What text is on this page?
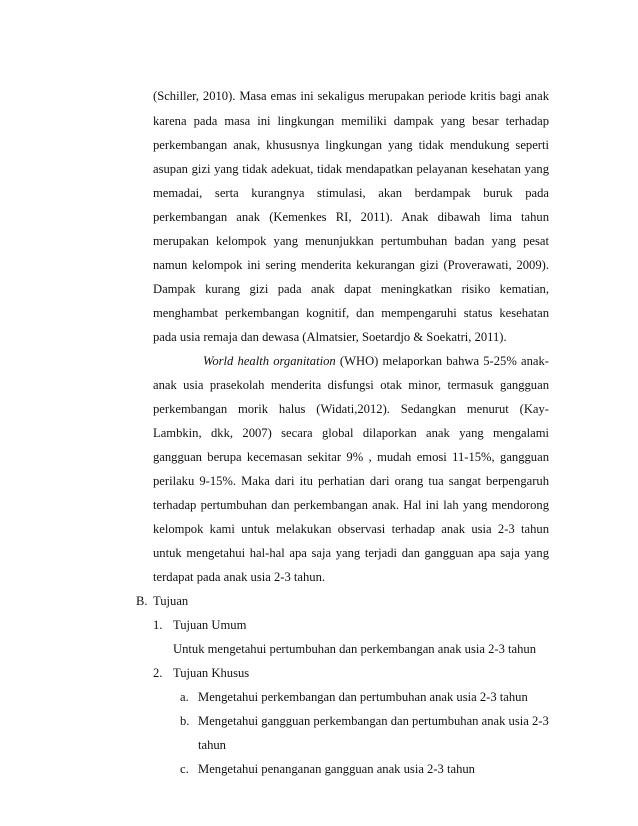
(Schiller, 2010). Masa emas ini sekaligus merupakan periode kritis bagi anak
karena pada masa ini lingkungan memiliki dampak yang besar terhadap
perkembangan anak, khususnya lingkungan yang tidak mendukung seperti
asupan gizi yang tidak adekuat, tidak mendapatkan pelayanan kesehatan yang
memadai, serta kurangnya stimulasi, akan berdampak buruk pada
perkembangan anak (Kemenkes RI, 2011). Anak dibawah lima tahun
merupakan kelompok yang menunjukkan pertumbuhan badan yang pesat
namun kelompok ini sering menderita kekurangan gizi (Proverawati, 2009).
Dampak kurang gizi pada anak dapat meningkatkan risiko kematian,
menghambat perkembangan kognitif, dan mempengaruhi status kesehatan
pada usia remaja dan dewasa (Almatsier, Soetardjo & Soekatri, 2011).
World health organitation (WHO) melaporkan bahwa 5-25% anak-
anak usia prasekolah menderita disfungsi otak minor, termasuk gangguan
perkembangan morik halus (Widati,2012). Sedangkan menurut (Kay-
Lambkin, dkk, 2007) secara global dilaporkan anak yang mengalami
gangguan berupa kecemasan sekitar 9% , mudah emosi 11-15%, gangguan
perilaku 9-15%. Maka dari itu perhatian dari orang tua sangat berpengaruh
terhadap pertumbuhan dan perkembangan anak. Hal ini lah yang mendorong
kelompok kami untuk melakukan observasi terhadap anak usia 2-3 tahun
untuk mengetahui hal-hal apa saja yang terjadi dan gangguan apa saja yang
terdapat pada anak usia 2-3 tahun.
B. Tujuan
1. Tujuan Umum
Untuk mengetahui pertumbuhan dan perkembangan anak usia 2-3 tahun
2. Tujuan Khusus
a. Mengetahui perkembangan dan pertumbuhan anak usia 2-3 tahun
b. Mengetahui gangguan perkembangan dan pertumbuhan anak usia 2-3
tahun
c. Mengetahui penanganan gangguan anak usia 2-3 tahun
